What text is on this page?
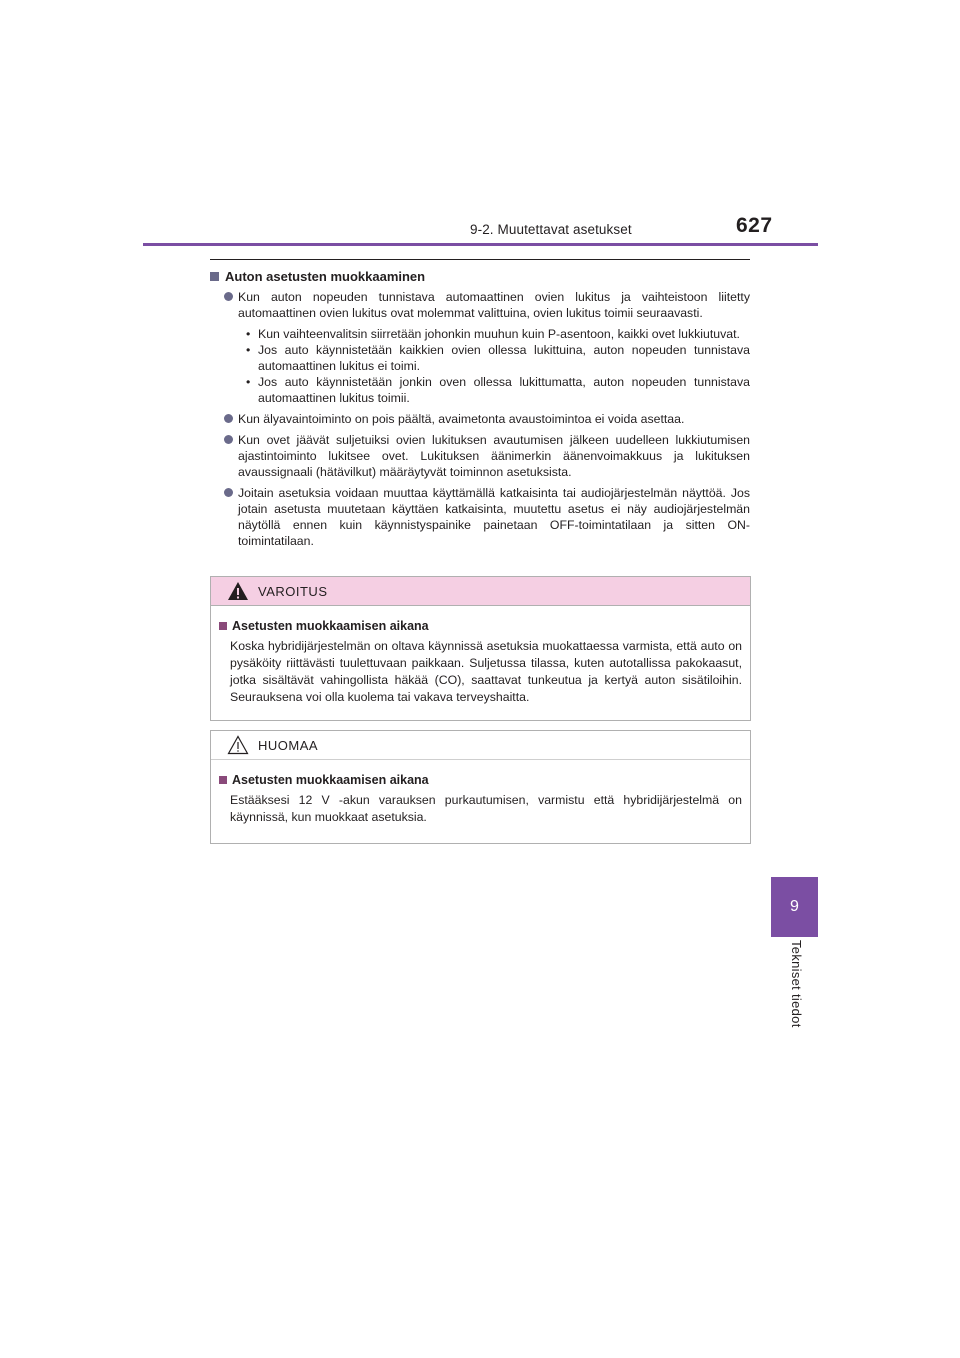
9-2. Muutettavat asetukset	627
9
Tekniset tiedot
Auton asetusten muokkaaminen
Kun auton nopeuden tunnistava automaattinen ovien lukitus ja vaihteistoon liitetty automaattinen ovien lukitus ovat molemmat valittuina, ovien lukitus toimii seuraavasti.
• Kun vaihteenvalitsin siirretään johonkin muuhun kuin P-asentoon, kaikki ovet lukkiutuvat.
• Jos auto käynnistetään kaikkien ovien ollessa lukittuina, auton nopeuden tunnistava automaattinen lukitus ei toimi.
• Jos auto käynnistetään jonkin oven ollessa lukittumatta, auton nopeuden tunnistava automaattinen lukitus toimii.
Kun älyavaintoiminto on pois päältä, avaimetonta avaustoimintoa ei voida asettaa.
Kun ovet jäävät suljetuiksi ovien lukituksen avautumisen jälkeen uudelleen lukkiutumisen ajastintoiminto lukitsee ovet. Lukituksen äänimerkin äänenvoimakkuus ja lukituksen avaussignaali (hätävilkut) määräytyvät toiminnon asetuksista.
Joitain asetuksia voidaan muuttaa käyttämällä katkaisinta tai audiojärjestelmän näyttöä. Jos jotain asetusta muutetaan käyttäen katkaisinta, muutettu asetus ei näy audiojärjestelmän näytöllä ennen kuin käynnistyspainike painetaan OFF-toimintatilaan ja sitten ON-toimintatilaan.
VAROITUS
Asetusten muokkaamisen aikana
Koska hybridijärjestelmän on oltava käynnissä asetuksia muokattaessa varmista, että auto on pysäköity riittävästi tuulettuvaan paikkaan. Suljetussa tilassa, kuten autotallissa pakokaasut, jotka sisältävät vahingollista häkää (CO), saattavat tunkeutua ja kertyä auton sisätiloihin. Seurauksena voi olla kuolema tai vakava terveyshaitta.
HUOMAA
Asetusten muokkaamisen aikana
Estääksesi 12 V -akun varauksen purkautumisen, varmistu että hybridijärjestelmä on käynnissä, kun muokkaat asetuksia.
